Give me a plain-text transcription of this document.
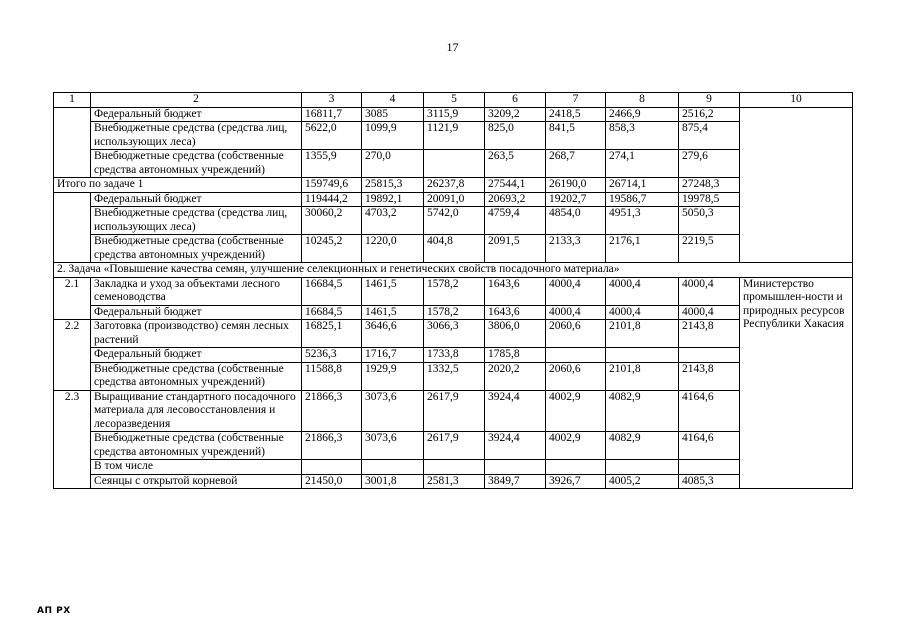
17
1	2	3	4	5	6	7	8	9	10
	Федеральный бюджет	16811,7	3085	3115,9	3209,2	2418,5	2466,9	2516,2	
	Внебюджетные средства (средства лиц, использующих леса)	5622,0	1099,9	1121,9	825,0	841,5	858,3	875,4	
	Внебюджетные средства (собственные средства автономных учреждений)	1355,9	270,0		263,5	268,7	274,1	279,6	
Итого по задаче 1		159749,6	25815,3	26237,8	27544,1	26190,0	26714,1	27248,3	
	Федеральный бюджет	119444,2	19892,1	20091,0	20693,2	19202,7	19586,7	19978,5	
	Внебюджетные средства (средства лиц, использующих леса)	30060,2	4703,2	5742,0	4759,4	4854,0	4951,3	5050,3	
	Внебюджетные средства (собственные средства автономных учреждений)	10245,2	1220,0	404,8	2091,5	2133,3	2176,1	2219,5	
2. Задача «Повышение качества семян, улучшение селекционных и генетических свойств посадочного материала»									
2.1	Закладка и уход за объектами лесного семеноводства	16684,5	1461,5	1578,2	1643,6	4000,4	4000,4	4000,4	Министерство промышлен-ности и природных ресурсов Республики Хакасия
	Федеральный бюджет	16684,5	1461,5	1578,2	1643,6	4000,4	4000,4	4000,4	
2.2	Заготовка (производство) семян лесных растений	16825,1	3646,6	3066,3	3806,0	2060,6	2101,8	2143,8	
	Федеральный бюджет	5236,3	1716,7	1733,8	1785,8				
	Внебюджетные средства (собственные средства автономных учреждений)	11588,8	1929,9	1332,5	2020,2	2060,6	2101,8	2143,8	
2.3	Выращивание стандартного посадочного материала для лесовосстановления и лесоразведения	21866,3	3073,6	2617,9	3924,4	4002,9	4082,9	4164,6	
	Внебюджетные средства (собственные средства автономных учреждений)	21866,3	3073,6	2617,9	3924,4	4002,9	4082,9	4164,6	
	В том числе								
	Сеянцы с открытой корневой	21450,0	3001,8	2581,3	3849,7	3926,7	4005,2	4085,3	
АП РХ
